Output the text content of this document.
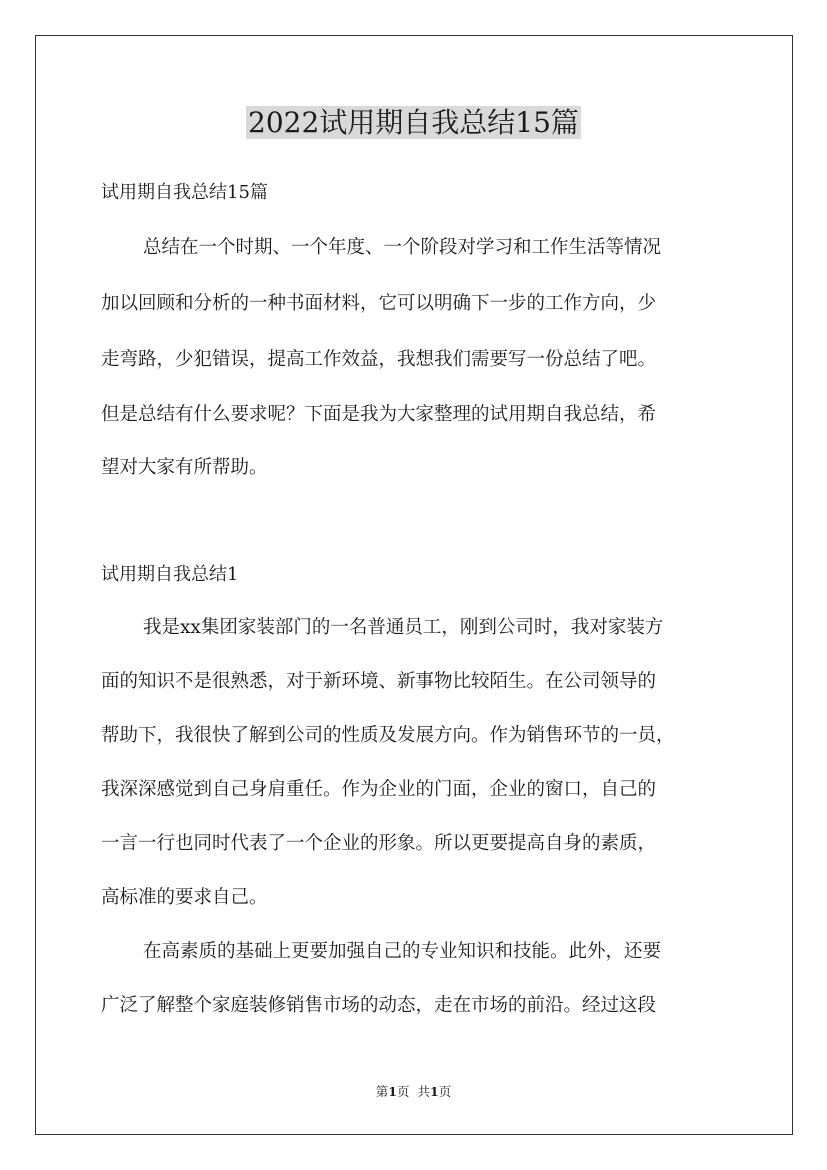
2022试用期自我总结15篇

试用期自我总结15篇

总结在一个时期、一个年度、一个阶段对学习和工作生活等情况

加以回顾和分析的一种书面材料，它可以明确下一步的工作方向，少

走弯路，少犯错误，提高工作效益，我想我们需要写一份总结了吧。

但是总结有什么要求呢？下面是我为大家整理的试用期自我总结，希

望对大家有所帮助。

试用期自我总结1

我是xx集团家装部门的一名普通员工，刚到公司时，我对家装方

面的知识不是很熟悉，对于新环境、新事物比较陌生。在公司领导的

帮助下，我很快了解到公司的性质及发展方向。作为销售环节的一员，

我深深感觉到自己身肩重任。作为企业的门面，企业的窗口，自己的

一言一行也同时代表了一个企业的形象。所以更要提高自身的素质，

高标准的要求自己。

在高素质的基础上更要加强自己的专业知识和技能。此外，还要

广泛了解整个家庭装修销售市场的动态，走在市场的前沿。经过这段

第1页 共1页
